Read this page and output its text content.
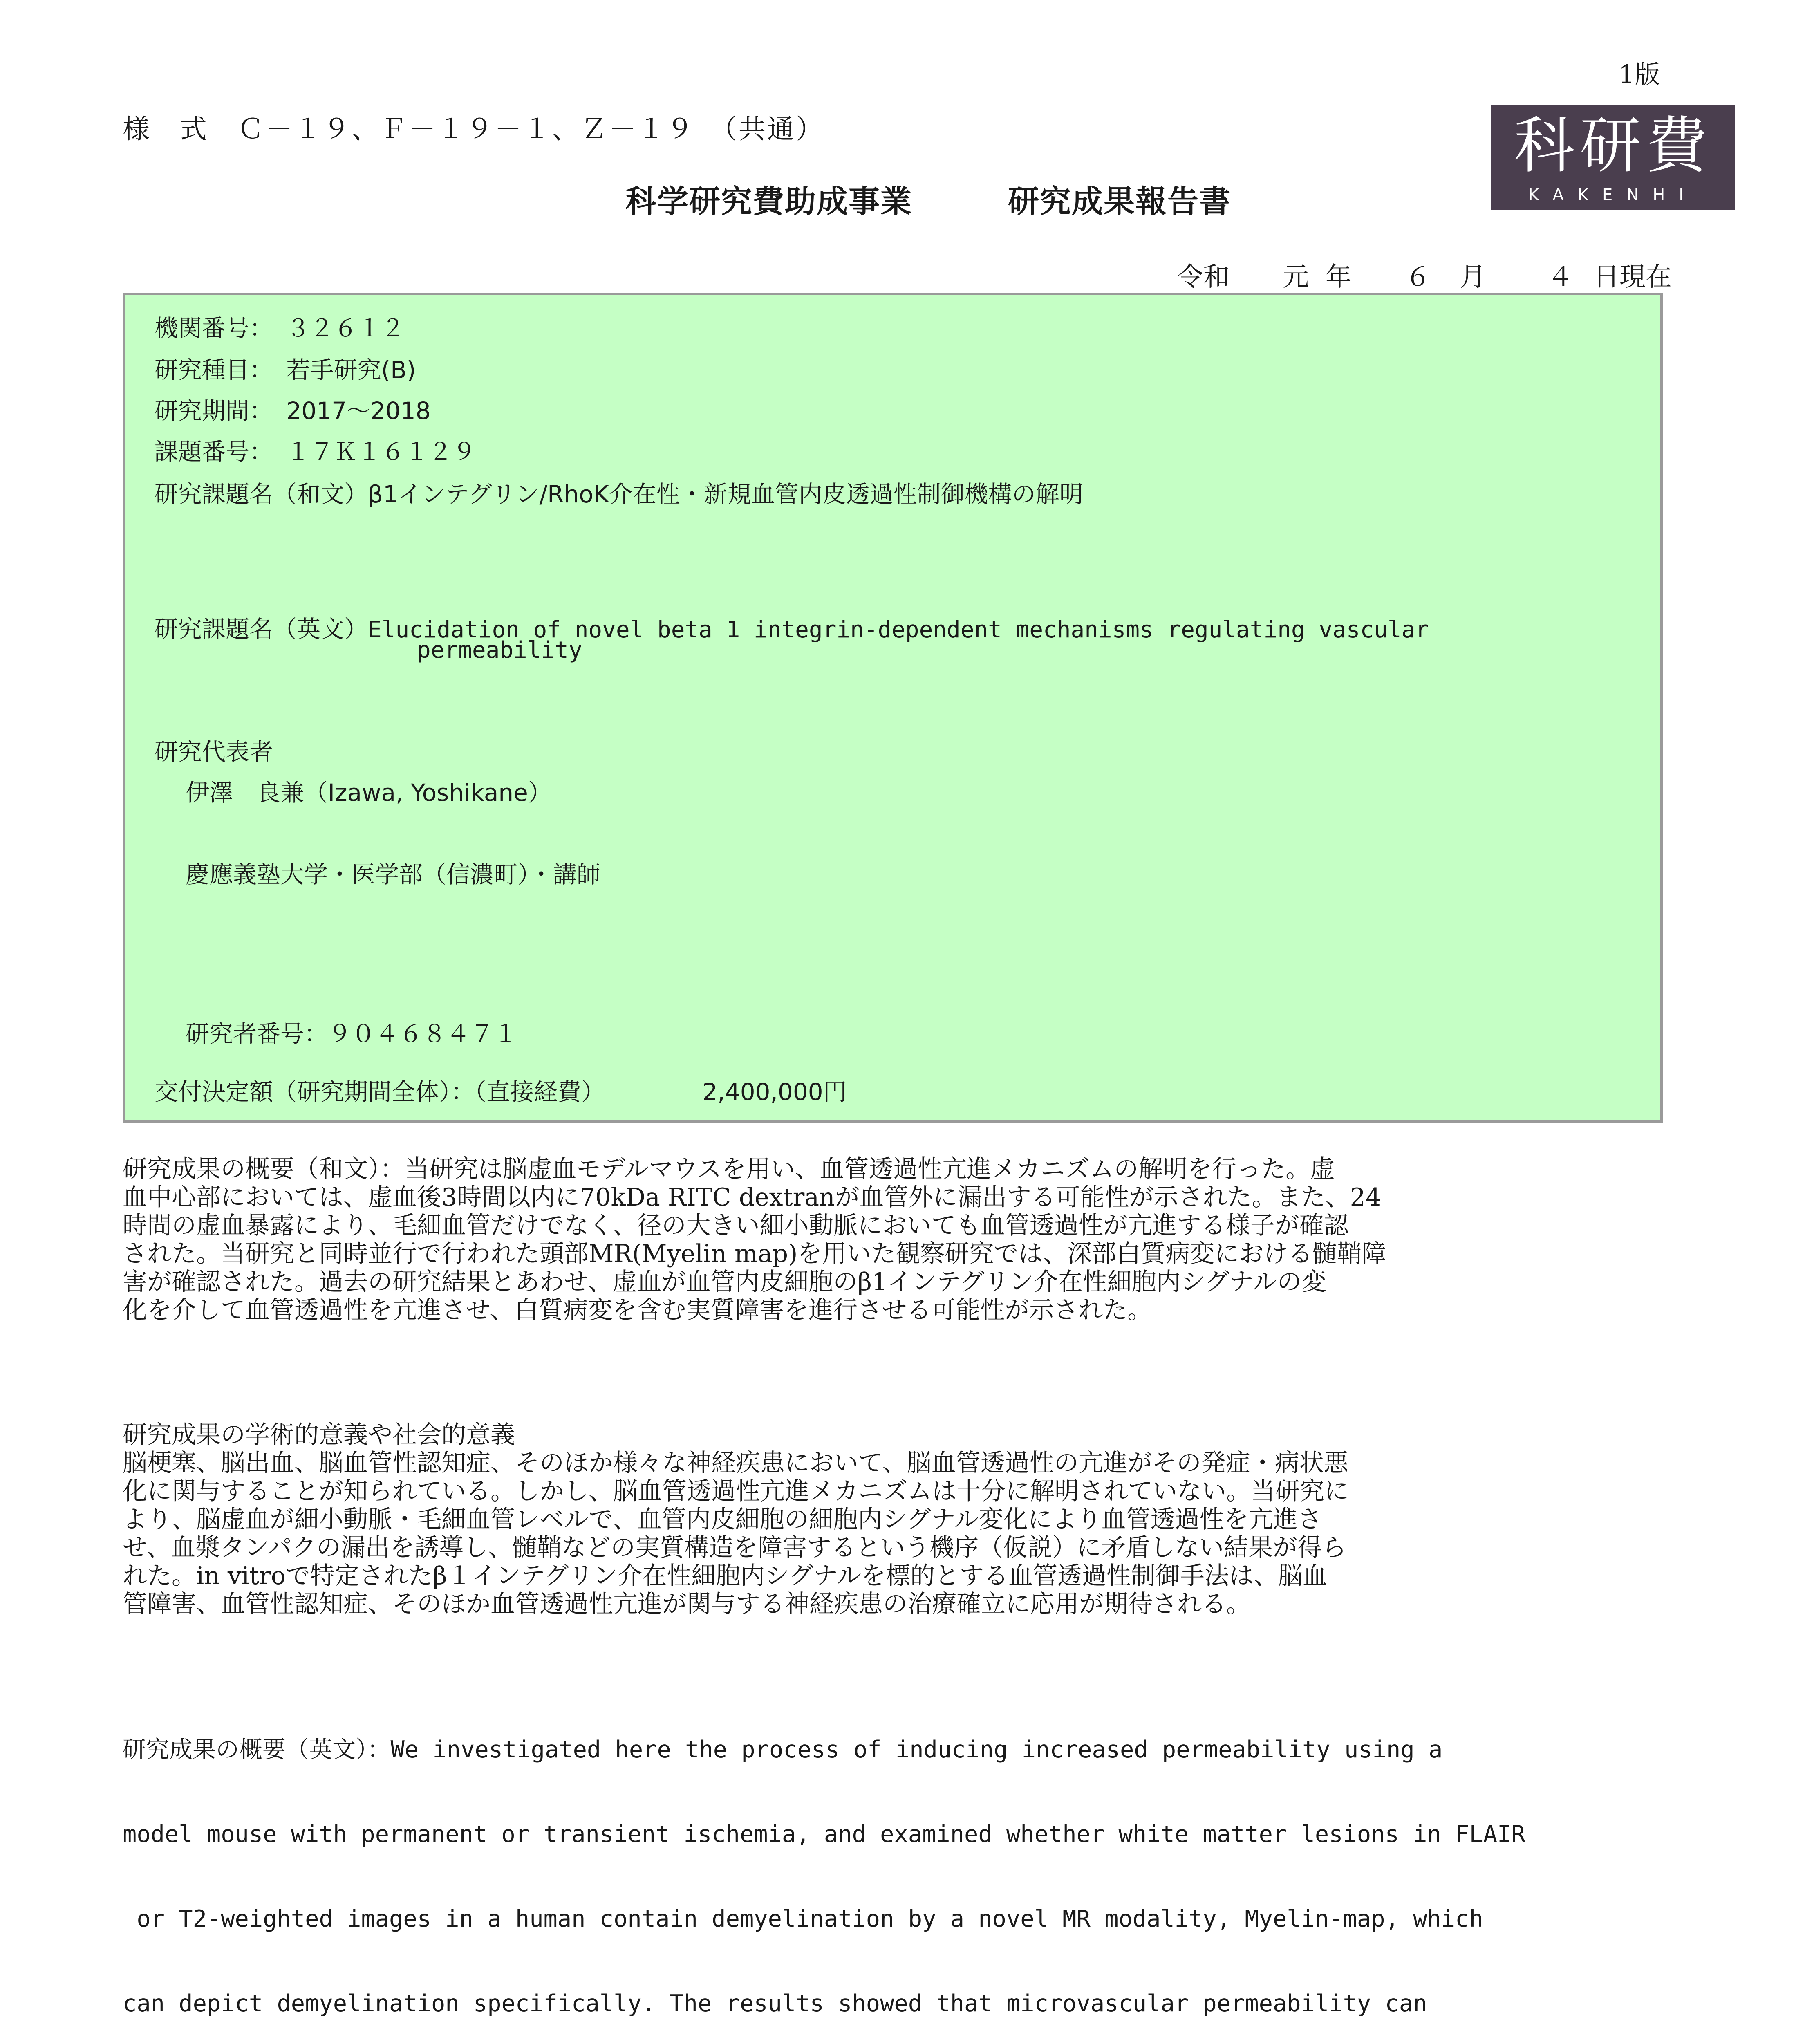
1版
様　式　Ｃ－１９、Ｆ－１９－１、Ｚ－１９　（共通）
科学研究費助成事業　　　研究成果報告書
科研費
KAKENHI
令和 元 年 ６ 月 ４ 日現在
機関番号： ３２６１２
研究種目： 若手研究(B)
研究期間： 2017～2018
課題番号： １７Ｋ１６１２９
研究課題名（和文）β1インテグリン/RhoK介在性・新規血管内皮透過性制御機構の解明
研究課題名（英文）Elucidation of novel beta 1 integrin-dependent mechanisms regulating vascular
permeability
研究代表者
伊澤　良兼（Izawa, Yoshikane）
慶應義塾大学・医学部（信濃町）・講師
研究者番号：９０４６８４７１
交付決定額（研究期間全体）：（直接経費）	2,400,000円
研究成果の概要（和文）：当研究は脳虚血モデルマウスを用い、血管透過性亢進メカニズムの解明を行った。虚
血中心部においては、虚血後3時間以内に70kDa RITC dextranが血管外に漏出する可能性が示された。また、24
時間の虚血暴露により、毛細血管だけでなく、径の大きい細小動脈においても血管透過性が亢進する様子が確認
された。当研究と同時並行で行われた頭部MR(Myelin map)を用いた観察研究では、深部白質病変における髄鞘障
害が確認された。過去の研究結果とあわせ、虚血が血管内皮細胞のβ1インテグリン介在性細胞内シグナルの変
化を介して血管透過性を亢進させ、白質病変を含む実質障害を進行させる可能性が示された。
研究成果の学術的意義や社会的意義
脳梗塞、脳出血、脳血管性認知症、そのほか様々な神経疾患において、脳血管透過性の亢進がその発症・病状悪
化に関与することが知られている。しかし、脳血管透過性亢進メカニズムは十分に解明されていない。当研究に
より、脳虚血が細小動脈・毛細血管レベルで、血管内皮細胞の細胞内シグナル変化により血管透過性を亢進さ
せ、血漿タンパクの漏出を誘導し、髄鞘などの実質構造を障害するという機序（仮説）に矛盾しない結果が得ら
れた。in vitroで特定されたβ１インテグリン介在性細胞内シグナルを標的とする血管透過性制御手法は、脳血
管障害、血管性認知症、そのほか血管透過性亢進が関与する神経疾患の治療確立に応用が期待される。

研究成果の概要（英文）：We investigated here the process of inducing increased permeability using a

model mouse with permanent or transient ischemia, and examined whether white matter lesions in FLAIR

or T2-weighted images in a human contain demyelination by a novel MR modality, Myelin-map, which

can depict demyelination specifically. The results showed that microvascular permeability can
